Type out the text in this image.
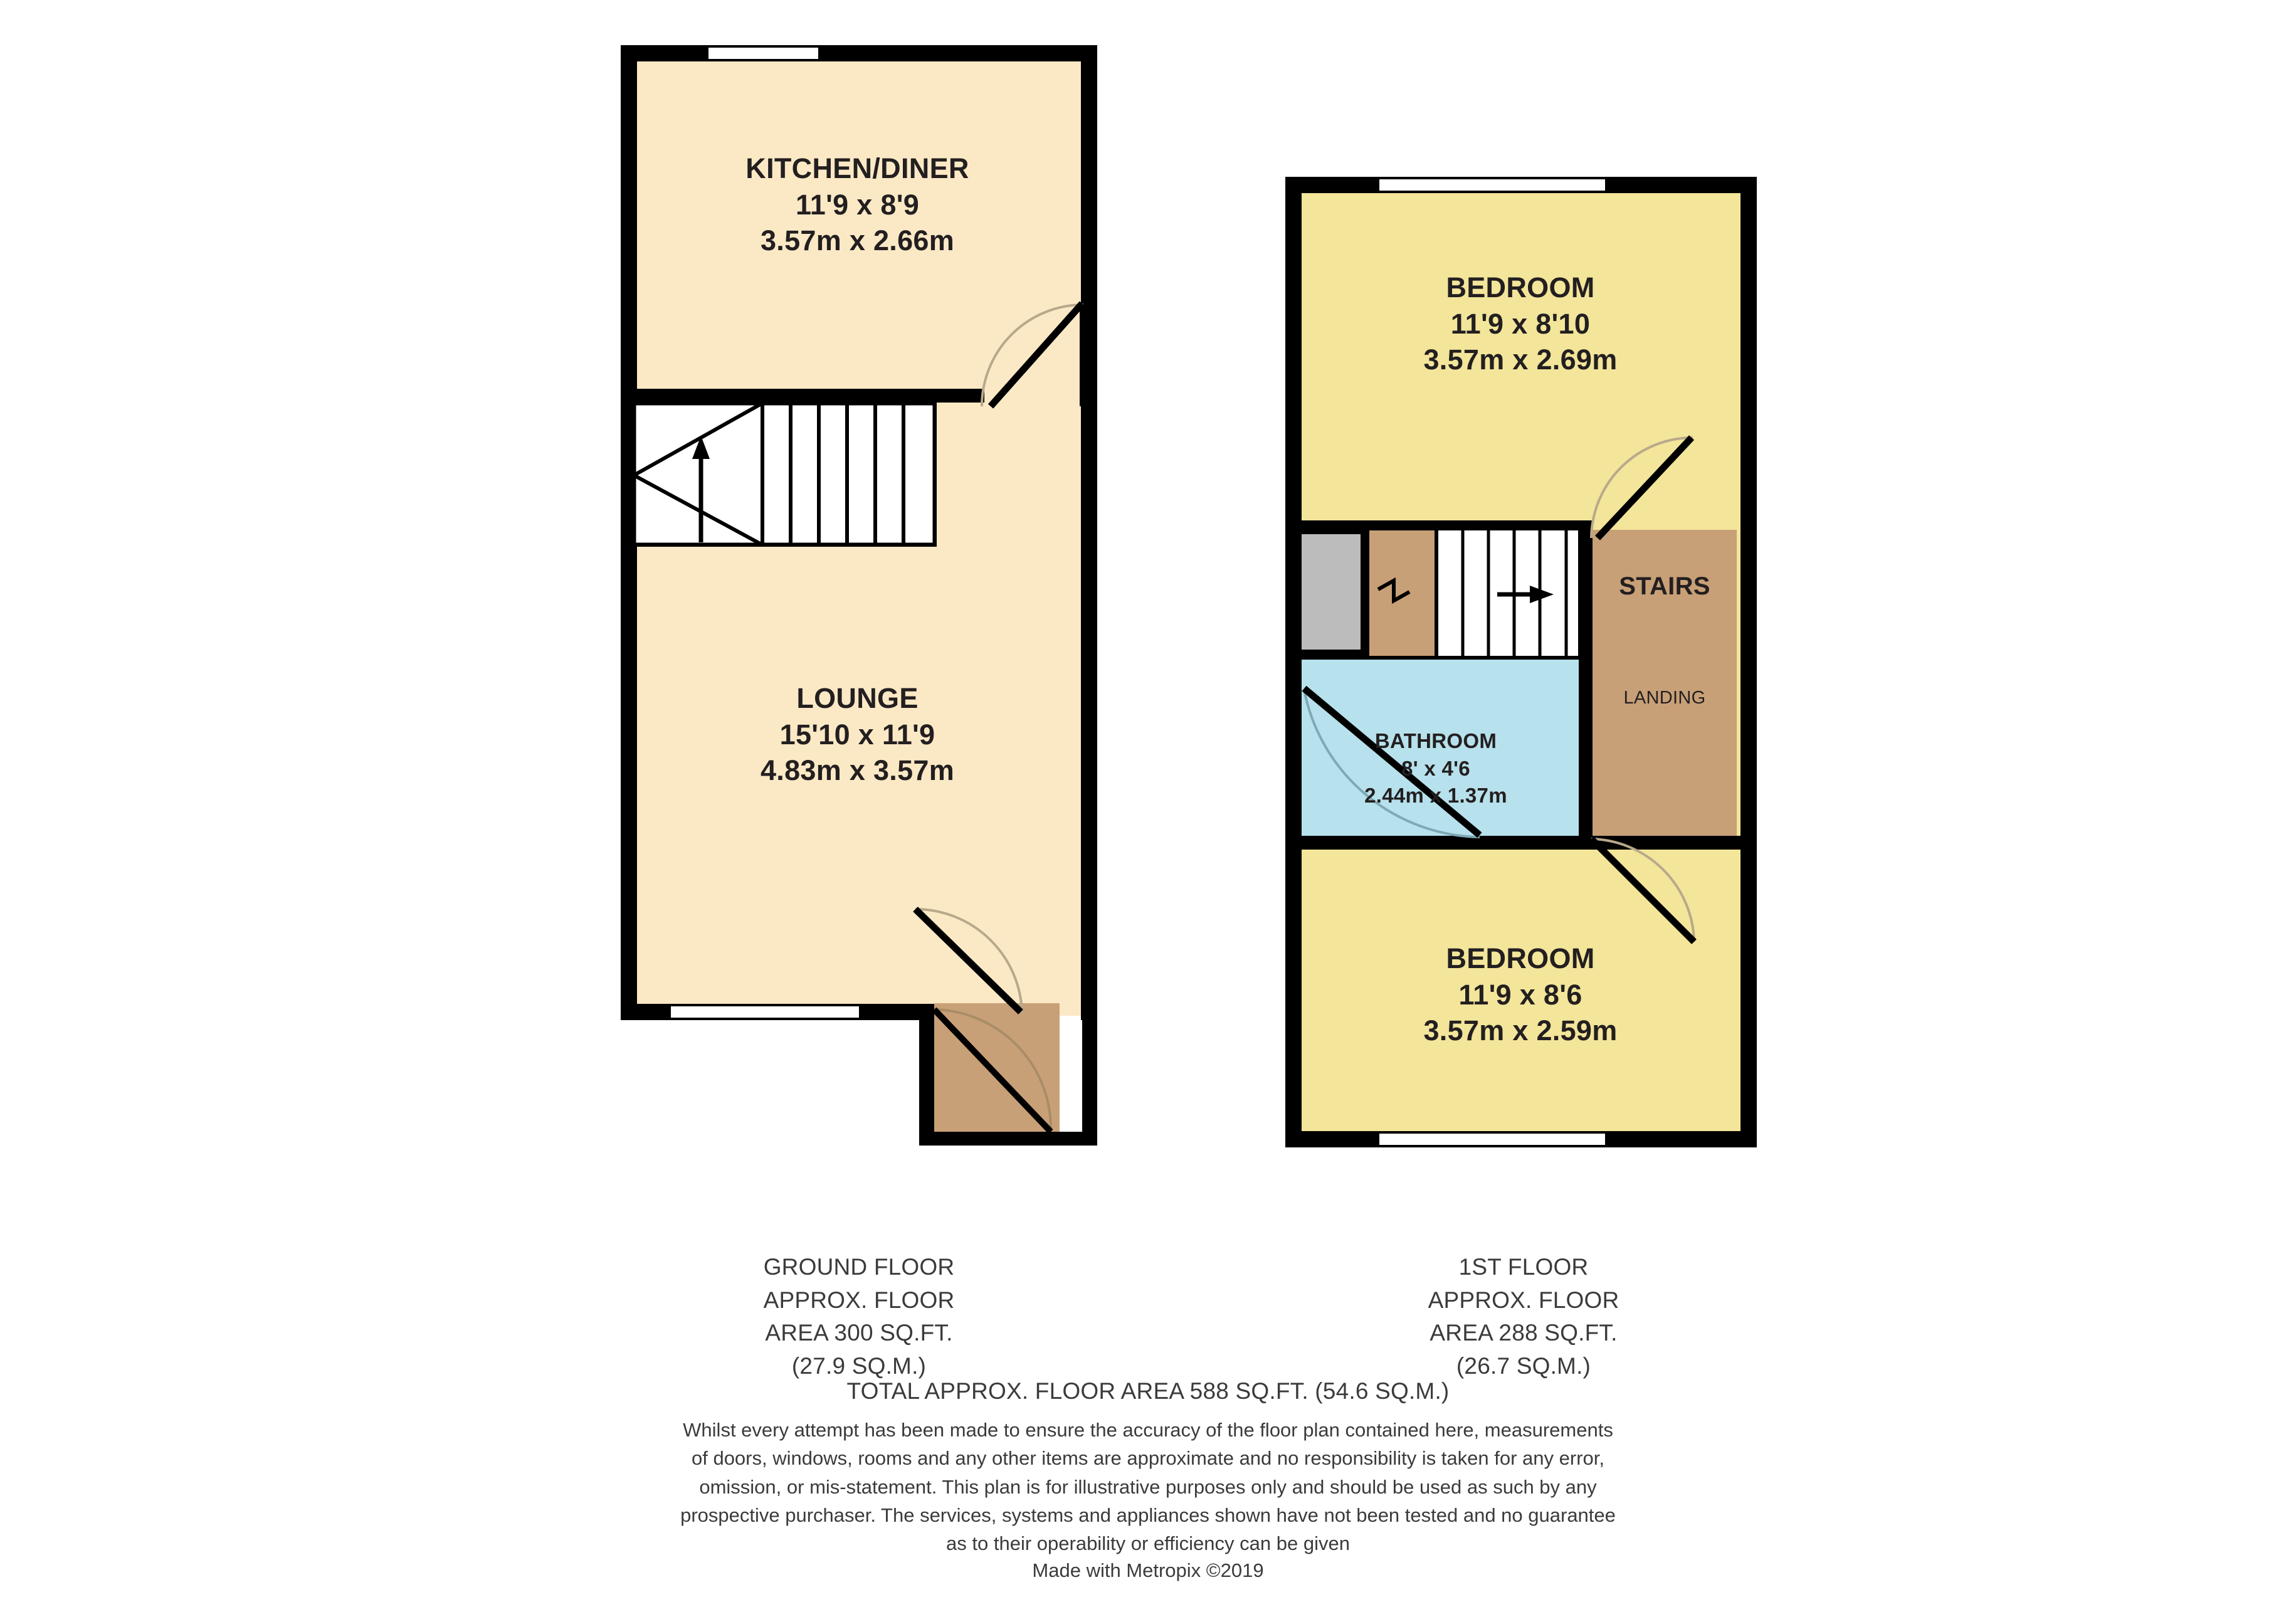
KITCHEN/DINER
11'9 x 8'9
3.57m x 2.66m
LOUNGE
15'10 x 11'9
4.83m x 3.57m
BEDROOM
11'9 x 8'10
3.57m x 2.69m
BEDROOM
11'9 x 8'6
3.57m x 2.59m
BATHROOM
8' x 4'6
2.44m x 1.37m
STAIRS
LANDING
GROUND FLOOR
APPROX. FLOOR
AREA 300 SQ.FT.
(27.9 SQ.M.)
1ST FLOOR
APPROX. FLOOR
AREA 288 SQ.FT.
(26.7 SQ.M.)
TOTAL APPROX. FLOOR AREA 588 SQ.FT. (54.6 SQ.M.)
Whilst every attempt has been made to ensure the accuracy of the floor plan contained here, measurements
of doors, windows, rooms and any other items are approximate and no responsibility is taken for any error,
omission, or mis-statement. This plan is for illustrative purposes only and should be used as such by any
prospective purchaser. The services, systems and appliances shown have not been tested and no guarantee
as to their operability or efficiency can be given
Made with Metropix ©2019
